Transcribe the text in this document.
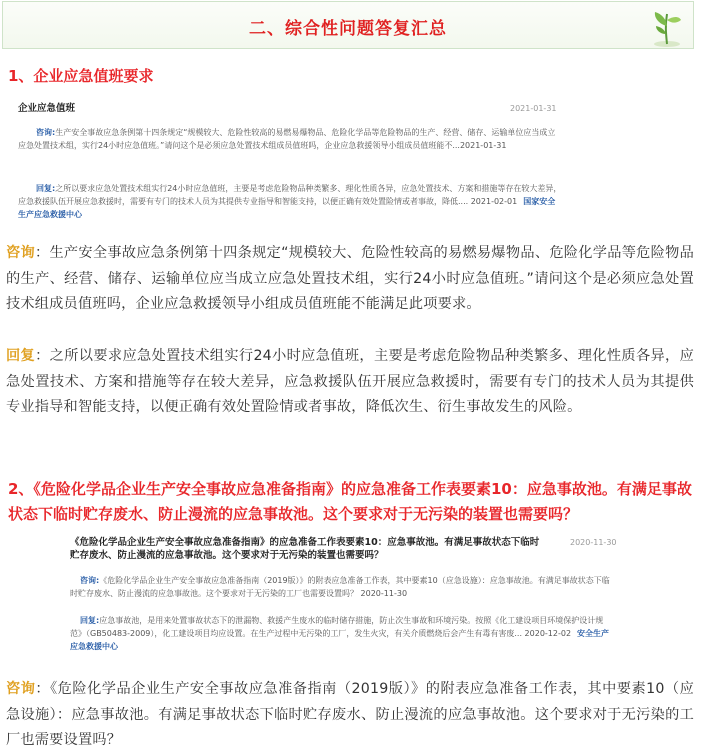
二、综合性问题答复汇总
1、企业应急值班要求
企业应急值班	2021-01-31
咨询:生产安全事故应急条例第十四条规定“规模较大、危险性较高的易燃易爆物品、危险化学品等危险物品的生产、经营、储存、运输单位应当成立应急处置技术组，实行24小时应急值班。”请问这个是必须应急处置技术组成员值班吗，企业应急救援领导小组成员值班能不...2021-01-31
回复:之所以要求应急处置技术组实行24小时应急值班，主要是考虑危险物品种类繁多、理化性质各异，应急处置技术、方案和措施等存在较大差异，应急救援队伍开展应急救援时，需要有专门的技术人员为其提供专业指导和智能支持，以便正确有效处置险情或者事故，降低.... 2021-02-01 国家安全生产应急救援中心
咨询：生产安全事故应急条例第十四条规定“规模较大、危险性较高的易燃易爆物品、危险化学品等危险物品的生产、经营、储存、运输单位应当成立应急处置技术组，实行24小时应急值班。”请问这个是必须应急处置技术组成员值班吗，企业应急救援领导小组成员值班能不能满足此项要求。
回复：之所以要求应急处置技术组实行24小时应急值班，主要是考虑危险物品种类繁多、理化性质各异，应急处置技术、方案和措施等存在较大差异，应急救援队伍开展应急救援时，需要有专门的技术人员为其提供专业指导和智能支持，以便正确有效处置险情或者事故，降低次生、衍生事故发生的风险。
2、《危险化学品企业生产安全事故应急准备指南》的应急准备工作表要素10：应急事故池。有满足事故状态下临时贮存废水、防止漫流的应急事故池。这个要求对于无污染的装置也需要吗？
《危险化学品企业生产安全事故应急准备指南》的应急准备工作表要素10：应急事故池。有满足事故状态下临时贮存废水、防止漫流的应急事故池。这个要求对于无污染的装置也需要吗？
2020-11-30
咨询:《危险化学品企业生产安全事故应急准备指南（2019版）》的附表应急准备工作表，其中要素10（应急设施）：应急事故池。有满足事故状态下临时贮存废水、防止漫流的应急事故池。这个要求对于无污染的工厂也需要设置吗？ 2020-11-30
回复:应急事故池，是用来处置事故状态下的泄漏物、救援产生废水的临时储存措施，防止次生事故和环境污染。按照《化工建设项目环境保护设计规范》（GB50483-2009），化工建设项目均应设置。在生产过程中无污染的工厂，发生火灾，有关介质燃烧后会产生有毒有害废... 2020-12-02 安全生产应急救援中心
咨询：《危险化学品企业生产安全事故应急准备指南（2019版）》的附表应急准备工作表，其中要素10（应急设施）：应急事故池。有满足事故状态下临时贮存废水、防止漫流的应急事故池。这个要求对于无污染的工厂也需要设置吗？
